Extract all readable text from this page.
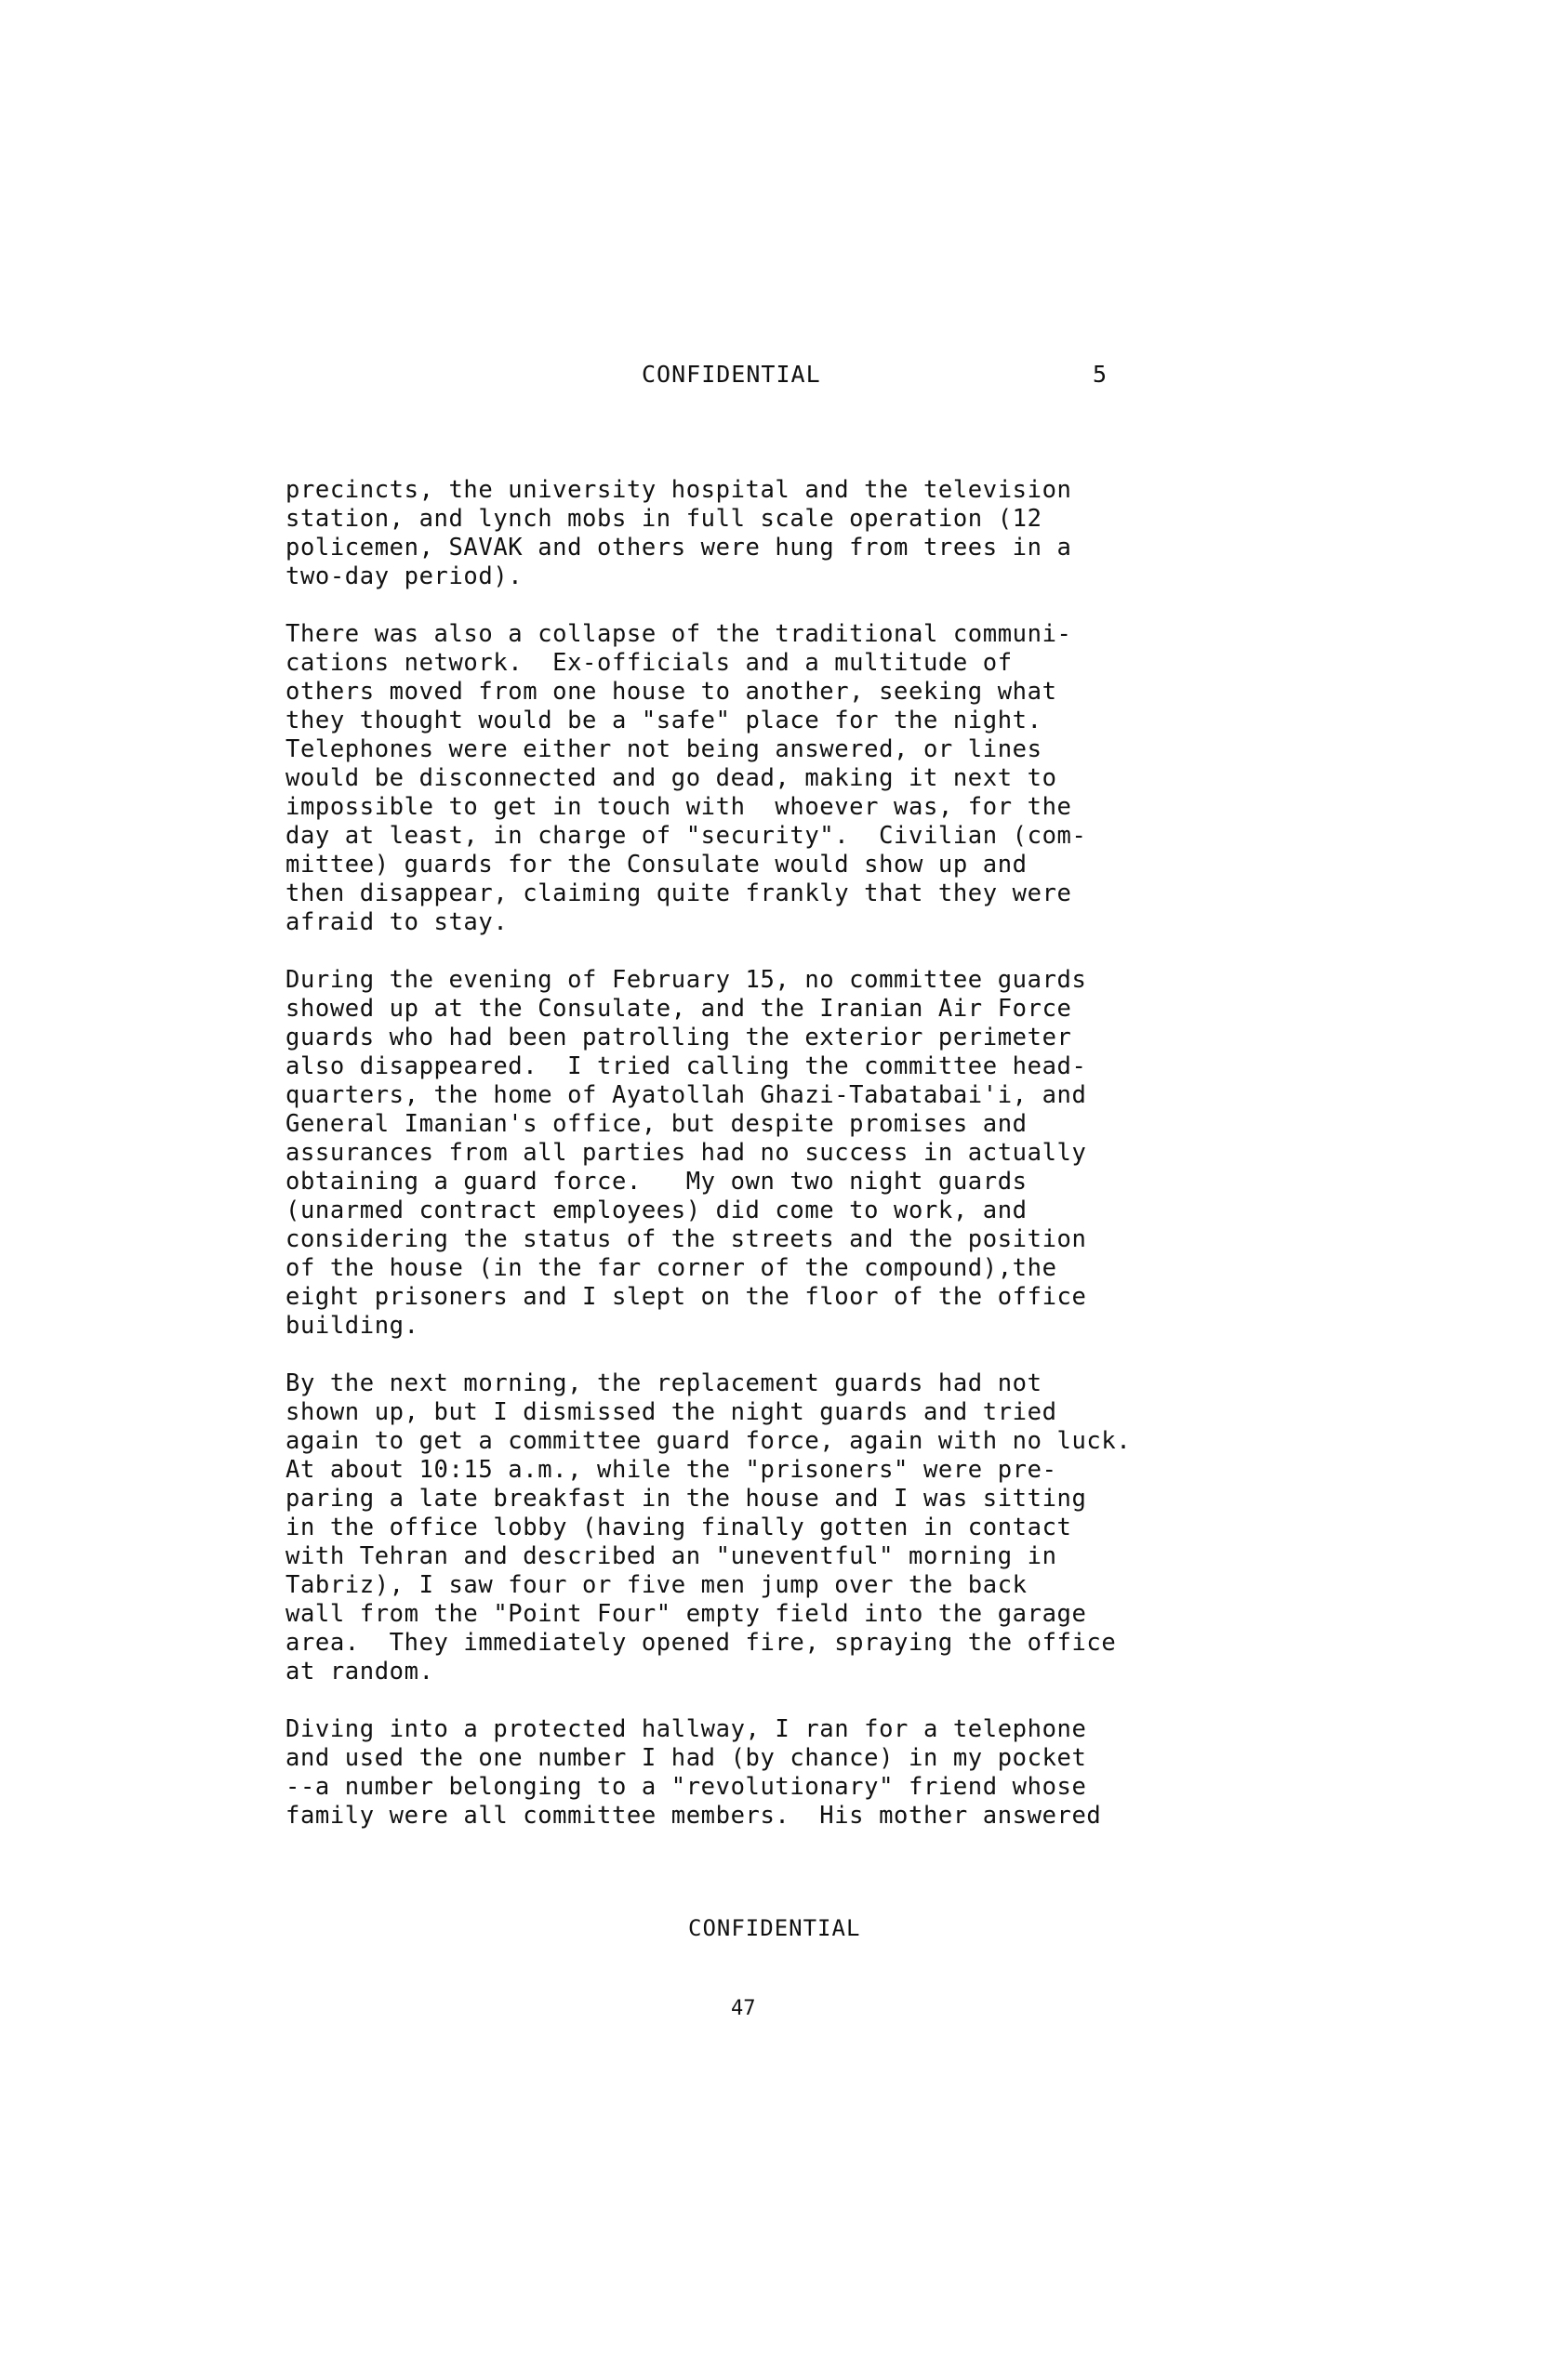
CONFIDENTIAL	5
precincts, the university hospital and the television
station, and lynch mobs in full scale operation (12
policemen, SAVAK and others were hung from trees in a
two-day period).
There was also a collapse of the traditional communi-
cations network.  Ex-officials and a multitude of
others moved from one house to another, seeking what
they thought would be a "safe" place for the night.
Telephones were either not being answered, or lines
would be disconnected and go dead, making it next to
impossible to get in touch with  whoever was, for the
day at least, in charge of "security".  Civilian (com-
mittee) guards for the Consulate would show up and
then disappear, claiming quite frankly that they were
afraid to stay.
During the evening of February 15, no committee guards
showed up at the Consulate, and the Iranian Air Force
guards who had been patrolling the exterior perimeter
also disappeared.  I tried calling the committee head-
quarters, the home of Ayatollah Ghazi-Tabatabai'i, and
General Imanian's office, but despite promises and
assurances from all parties had no success in actually
obtaining a guard force.   My own two night guards
(unarmed contract employees) did come to work, and
considering the status of the streets and the position
of the house (in the far corner of the compound),the
eight prisoners and I slept on the floor of the office
building.
By the next morning, the replacement guards had not
shown up, but I dismissed the night guards and tried
again to get a committee guard force, again with no luck.
At about 10:15 a.m., while the "prisoners" were pre-
paring a late breakfast in the house and I was sitting
in the office lobby (having finally gotten in contact
with Tehran and described an "uneventful" morning in
Tabriz), I saw four or five men jump over the back
wall from the "Point Four" empty field into the garage
area.  They immediately opened fire, spraying the office
at random.
Diving into a protected hallway, I ran for a telephone
and used the one number I had (by chance) in my pocket
--a number belonging to a "revolutionary" friend whose
family were all committee members.  His mother answered
CONFIDENTIAL
47
